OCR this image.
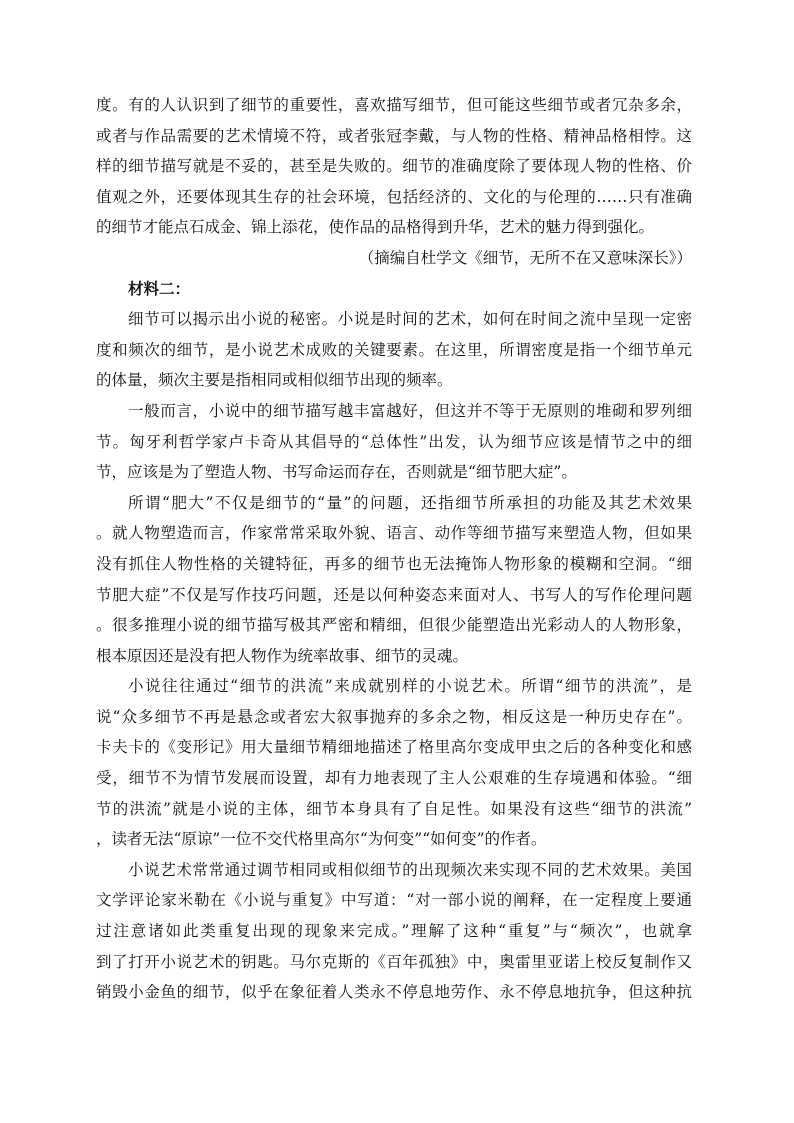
度。有的人认识到了细节的重要性，喜欢描写细节，但可能这些细节或者冗杂多余，
或者与作品需要的艺术情境不符，或者张冠李戴，与人物的性格、精神品格相悖。这
样的细节描写就是不妥的，甚至是失败的。细节的准确度除了要体现人物的性格、价
值观之外，还要体现其生存的社会环境，包括经济的、文化的与伦理的……只有准确
的细节才能点石成金、锦上添花，使作品的品格得到升华，艺术的魅力得到强化。
（摘编自杜学文《细节，无所不在又意味深长》）
材料二：
细节可以揭示出小说的秘密。小说是时间的艺术，如何在时间之流中呈现一定密
度和频次的细节，是小说艺术成败的关键要素。在这里，所谓密度是指一个细节单元
的体量，频次主要是指相同或相似细节出现的频率。
一般而言，小说中的细节描写越丰富越好，但这并不等于无原则的堆砌和罗列细
节。匈牙利哲学家卢卡奇从其倡导的“总体性”出发，认为细节应该是情节之中的细
节，应该是为了塑造人物、书写命运而存在，否则就是“细节肥大症”。
所谓“肥大”不仅是细节的“量”的问题，还指细节所承担的功能及其艺术效果
。就人物塑造而言，作家常常采取外貌、语言、动作等细节描写来塑造人物，但如果
没有抓住人物性格的关键特征，再多的细节也无法掩饰人物形象的模糊和空洞。“细
节肥大症”不仅是写作技巧问题，还是以何种姿态来面对人、书写人的写作伦理问题
。很多推理小说的细节描写极其严密和精细，但很少能塑造出光彩动人的人物形象，
根本原因还是没有把人物作为统率故事、细节的灵魂。
小说往往通过“细节的洪流”来成就别样的小说艺术。所谓“细节的洪流”，是
说“众多细节不再是悬念或者宏大叙事抛弃的多余之物，相反这是一种历史存在”。
卡夫卡的《变形记》用大量细节精细地描述了格里高尔变成甲虫之后的各种变化和感
受，细节不为情节发展而设置，却有力地表现了主人公艰难的生存境遇和体验。“细
节的洪流”就是小说的主体，细节本身具有了自足性。如果没有这些“细节的洪流”
，读者无法“原谅”一位不交代格里高尔“为何变”“如何变”的作者。
小说艺术常常通过调节相同或相似细节的出现频次来实现不同的艺术效果。美国
文学评论家米勒在《小说与重复》中写道：“对一部小说的阐释，在一定程度上要通
过注意诸如此类重复出现的现象来完成。”理解了这种“重复”与“频次”，也就拿
到了打开小说艺术的钥匙。马尔克斯的《百年孤独》中，奥雷里亚诺上校反复制作又
销毁小金鱼的细节，似乎在象征着人类永不停息地劳作、永不停息地抗争，但这种抗
